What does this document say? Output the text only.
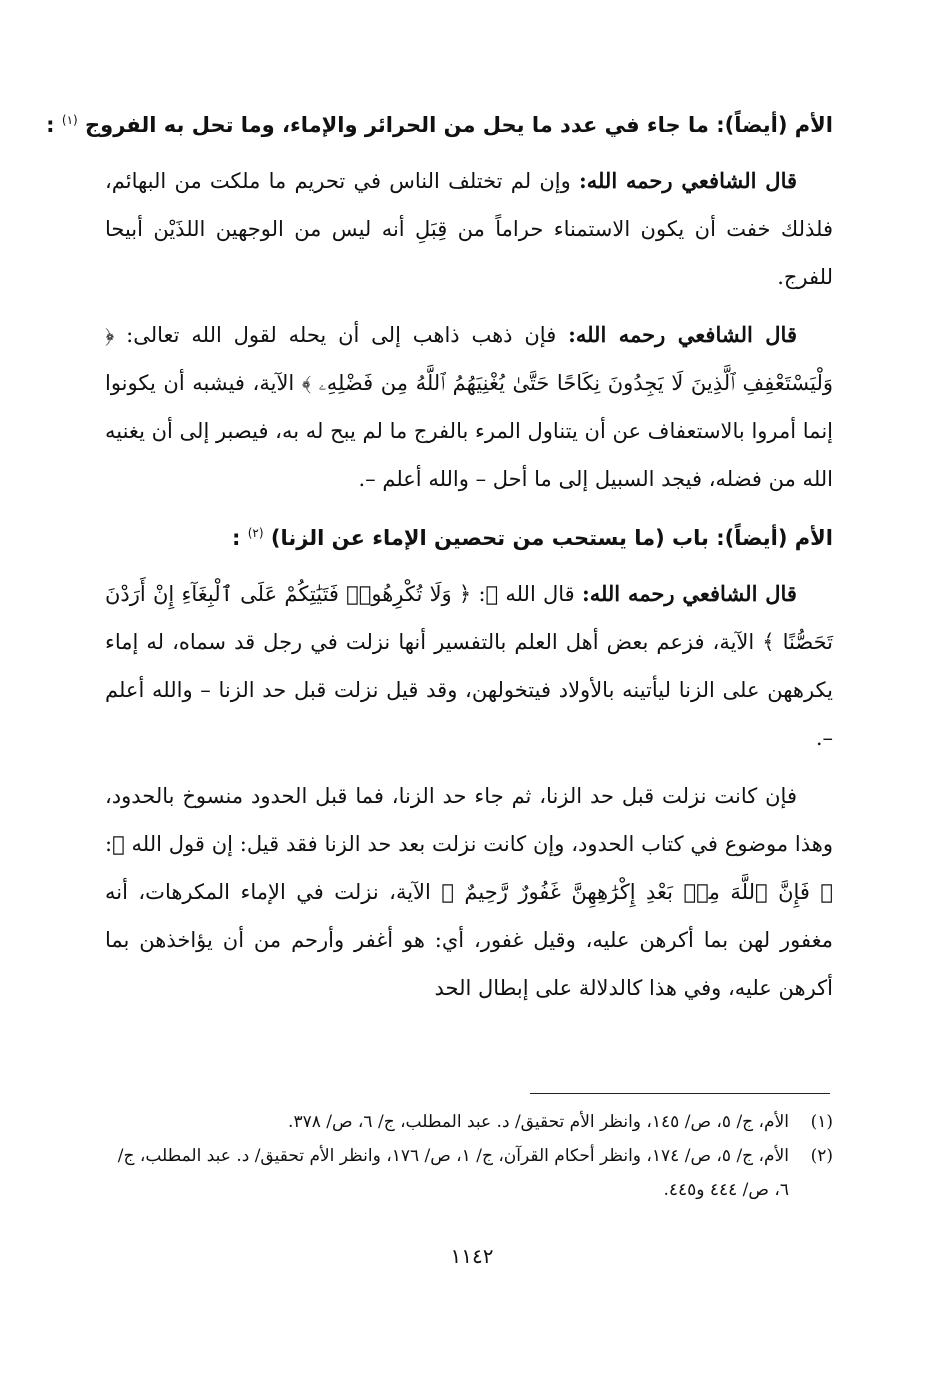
الأم (أيضاً): ما جاء في عدد ما يحل من الحرائر والإماء، وما تحل به الفروج $^{(١)}$ :

قال الشافعي رحمه الله: وإن لم تختلف الناس في تحريم ما ملكت من البهائم، فلذلك خفت أن يكون الاستمناء حراماً من قِبَلِ أنه ليس من الوجهين اللذَيْن أبيحا للفرج.

قال الشافعي رحمه الله: فإن ذهب ذاهب إلى أن يحله لقول الله تعالى: ﴿ وَلْيَسْتَعْفِفِ ٱلَّذِينَ لَا يَجِدُونَ نِكَاحًا حَتَّىٰ يُغْنِيَهُمُ ٱللَّهُ مِن فَضْلِهِۦ ﴾ الآية، فيشبه أن يكونوا إنما أمروا بالاستعفاف عن أن يتناول المرء بالفرج ما لم يبح له به، فيصبر إلى أن يغنيه الله من فضله، فيجد السبيل إلى ما أحل – والله أعلم –.

الأم (أيضاً): باب (ما يستحب من تحصين الإماء عن الزنا) $^{(٢)}$ :

قال الشافعي رحمه الله: قال الله ﷻ: ﴿ وَلَا تُكْرِهُوا۟ فَتَيَٰتِكُمْ عَلَى ٱلْبِغَآءِ إِنْ أَرَدْنَ تَحَصُّنًا ﴾ الآية، فزعم بعض أهل العلم بالتفسير أنها نزلت في رجل قد سماه، له إماء يكرههن على الزنا ليأتينه بالأولاد فيتخولهن، وقد قيل نزلت قبل حد الزنا – والله أعلم –.

فإن كانت نزلت قبل حد الزنا، ثم جاء حد الزنا، فما قبل الحدود منسوخ بالحدود، وهذا موضوع في كتاب الحدود، وإن كانت نزلت بعد حد الزنا فقد قيل: إن قول الله ﷻ: ﴿ فَإِنَّ ٱللَّهَ مِنۢ بَعْدِ إِكْرَٰهِهِنَّ غَفُورٌ رَّحِيمٌ ﴾ الآية، نزلت في الإماء المكرهات، أنه مغفور لهن بما أكرهن عليه، وقيل غفور، أي: هو أغفر وأرحم من أن يؤاخذهن بما أكرهن عليه، وفي هذا كالدلالة على إبطال الحد

(١)الأم، ج/ ٥، ص/ ١٤٥، وانظر الأم تحقيق/ د. عبد المطلب، ج/ ٦، ص/ ٣٧٨.

(٢)الأم، ج/ ٥، ص/ ١٧٤، وانظر أحكام القرآن، ج/ ١، ص/ ١٧٦، وانظر الأم تحقيق/ د. عبد المطلب، ج/ ٦، ص/ ٤٤٤ و٤٤٥.

١١٤٢
